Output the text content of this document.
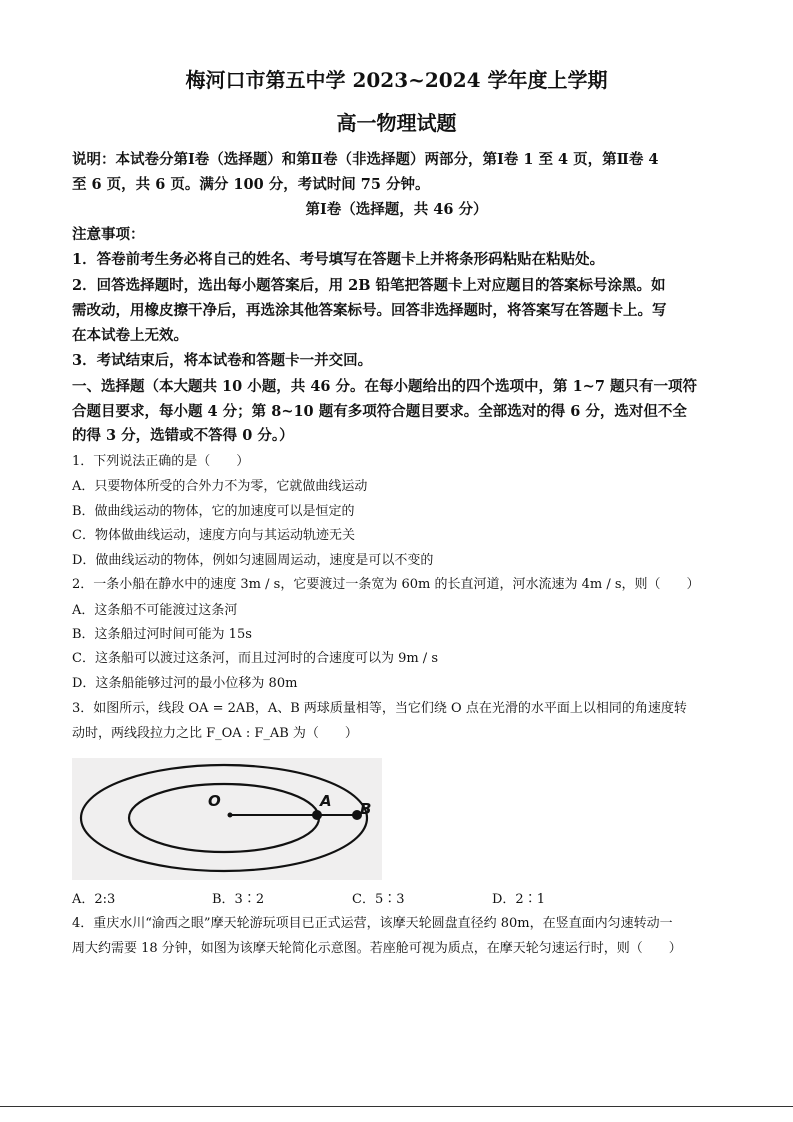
梅河口市第五中学 2023~2024 学年度上学期
高一物理试题
说明：本试卷分第Ⅰ卷（选择题）和第Ⅱ卷（非选择题）两部分，第Ⅰ卷 1 至 4 页，第Ⅱ卷 4
至 6 页，共 6 页。满分 100 分，考试时间 75 分钟。
第Ⅰ卷（选择题，共 46 分）
注意事项：
1．答卷前考生务必将自己的姓名、考号填写在答题卡上并将条形码粘贴在粘贴处。
2．回答选择题时，选出每小题答案后，用 2B 铅笔把答题卡上对应题目的答案标号涂黑。如
需改动，用橡皮擦干净后，再选涂其他答案标号。回答非选择题时，将答案写在答题卡上。写
在本试卷上无效。
3．考试结束后，将本试卷和答题卡一并交回。
一、选择题（本大题共 10 小题，共 46 分。在每小题给出的四个选项中，第 1~7 题只有一项符
合题目要求，每小题 4 分；第 8~10 题有多项符合题目要求。全部选对的得 6 分，选对但不全
的得 3 分，选错或不答得 0 分。）
1．下列说法正确的是（　　）
A．只要物体所受的合外力不为零，它就做曲线运动
B．做曲线运动的物体，它的加速度可以是恒定的
C．物体做曲线运动，速度方向与其运动轨迹无关
D．做曲线运动的物体，例如匀速圆周运动，速度是可以不变的
2．一条小船在静水中的速度 3m / s，它要渡过一条宽为 60m 的长直河道，河水流速为 4m / s，则（　　）
A．这条船不可能渡过这条河
B．这条船过河时间可能为 15s
C．这条船可以渡过这条河，而且过河时的合速度可以为 9m / s
D．这条船能够过河的最小位移为 80m
3．如图所示，线段 OA = 2AB，A、B 两球质量相等，当它们绕 O 点在光滑的水平面上以相同的角速度转
动时，两线段拉力之比 F_OA : F_AB 为（　　）
O	A B
A．2:3	B．3∶2	C．5∶3	D．2∶1
4．重庆水川“渝西之眼”摩天轮游玩项目已正式运营，该摩天轮圆盘直径约 80m，在竖直面内匀速转动一
周大约需要 18 分钟，如图为该摩天轮简化示意图。若座舱可视为质点，在摩天轮匀速运行时，则（　　）
